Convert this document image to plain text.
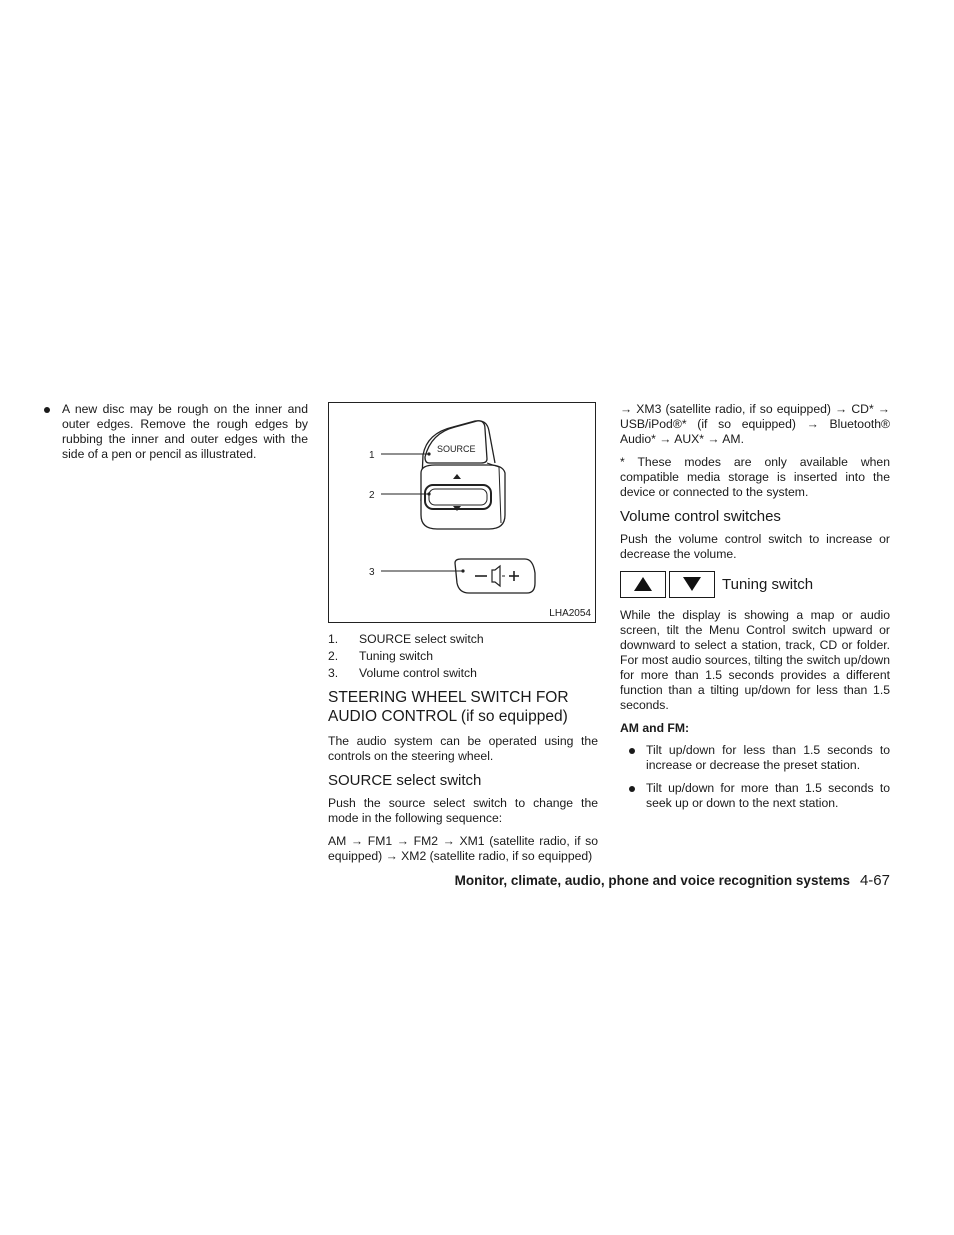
A new disc may be rough on the inner and outer edges. Remove the rough edges by rubbing the inner and outer edges with the side of a pen or pencil as illustrated.	1
2
3
SOURCE
LHA2054
1. SOURCE select switch
2. Tuning switch
3. Volume control switch
STEERING WHEEL SWITCH FOR AUDIO CONTROL (if so equipped)

The audio system can be operated using the controls on the steering wheel.

SOURCE select switch

Push the source select switch to change the mode in the following sequence:

AM → FM1 → FM2 → XM1 (satellite radio, if so equipped) → XM2 (satellite radio, if so equipped)

→ XM3 (satellite radio, if so equipped) → CD* → USB/iPod®* (if so equipped) → Bluetooth® Audio* → AUX* → AM.

* These modes are only available when compatible media storage is inserted into the device or connected to the system.

Volume control switches

Push the volume control switch to increase or decrease the volume.

Tuning switch

While the display is showing a map or audio screen, tilt the Menu Control switch upward or downward to select a station, track, CD or folder. For most audio sources, tilting the switch up/down for more than 1.5 seconds provides a different function than a tilting up/down for less than 1.5 seconds.

AM and FM:

Tilt up/down for less than 1.5 seconds to increase or decrease the preset station.
Tilt up/down for more than 1.5 seconds to seek up or down to the next station.
Monitor, climate, audio, phone and voice recognition systems 4-67
